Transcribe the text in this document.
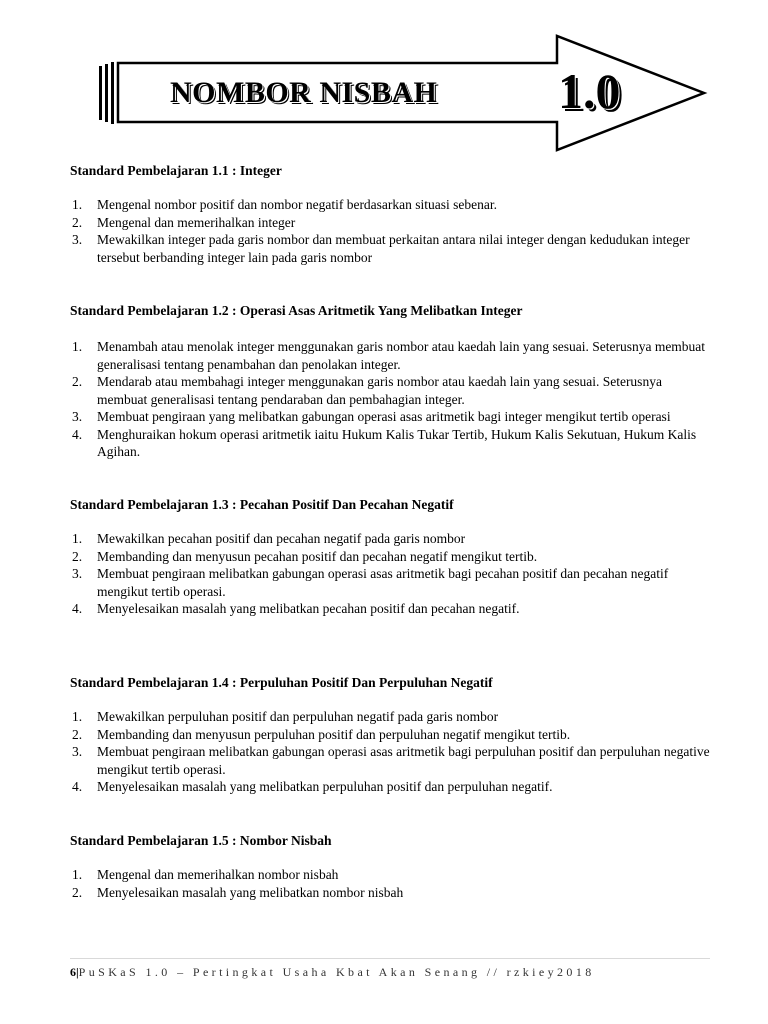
NOMBOR NISBAH 1.0
Standard Pembelajaran 1.1 : Integer
1. Mengenal nombor positif dan nombor negatif berdasarkan situasi sebenar.
2. Mengenal dan memerihalkan integer
3. Mewakilkan integer pada garis nombor dan membuat perkaitan antara nilai integer dengan kedudukan integer tersebut berbanding integer lain pada garis nombor
Standard Pembelajaran 1.2 : Operasi Asas Aritmetik Yang Melibatkan Integer
1. Menambah atau menolak integer menggunakan garis nombor atau kaedah lain yang sesuai. Seterusnya membuat generalisasi tentang penambahan dan penolakan integer.
2. Mendarab atau membahagi integer menggunakan garis nombor atau kaedah lain yang sesuai. Seterusnya membuat generalisasi tentang pendaraban dan pembahagian integer.
3. Membuat pengiraan yang melibatkan gabungan operasi asas aritmetik bagi integer mengikut tertib operasi
4. Menghuraikan hokum operasi aritmetik iaitu Hukum Kalis Tukar Tertib, Hukum Kalis Sekutuan, Hukum Kalis Agihan.
Standard Pembelajaran 1.3 : Pecahan Positif Dan Pecahan Negatif
1. Mewakilkan pecahan positif dan pecahan negatif pada garis nombor
2. Membanding dan menyusun pecahan positif dan pecahan negatif mengikut tertib.
3. Membuat pengiraan melibatkan gabungan operasi asas aritmetik bagi pecahan positif dan pecahan negatif mengikut tertib operasi.
4. Menyelesaikan masalah yang melibatkan pecahan positif dan pecahan negatif.
Standard Pembelajaran 1.4 : Perpuluhan Positif Dan Perpuluhan Negatif
1. Mewakilkan perpuluhan positif dan perpuluhan negatif pada garis nombor
2. Membanding dan menyusun perpuluhan positif dan perpuluhan negatif mengikut tertib.
3. Membuat pengiraan melibatkan gabungan operasi asas aritmetik bagi perpuluhan positif dan perpuluhan negative mengikut tertib operasi.
4. Menyelesaikan masalah yang melibatkan perpuluhan positif dan perpuluhan negatif.
Standard Pembelajaran 1.5 : Nombor Nisbah
1. Mengenal dan memerihalkan nombor nisbah
2. Menyelesaikan masalah yang melibatkan nombor nisbah
6|PuSKaS 1.0 – Pertingkat Usaha Kbat Akan Senang // rzkiey2018
